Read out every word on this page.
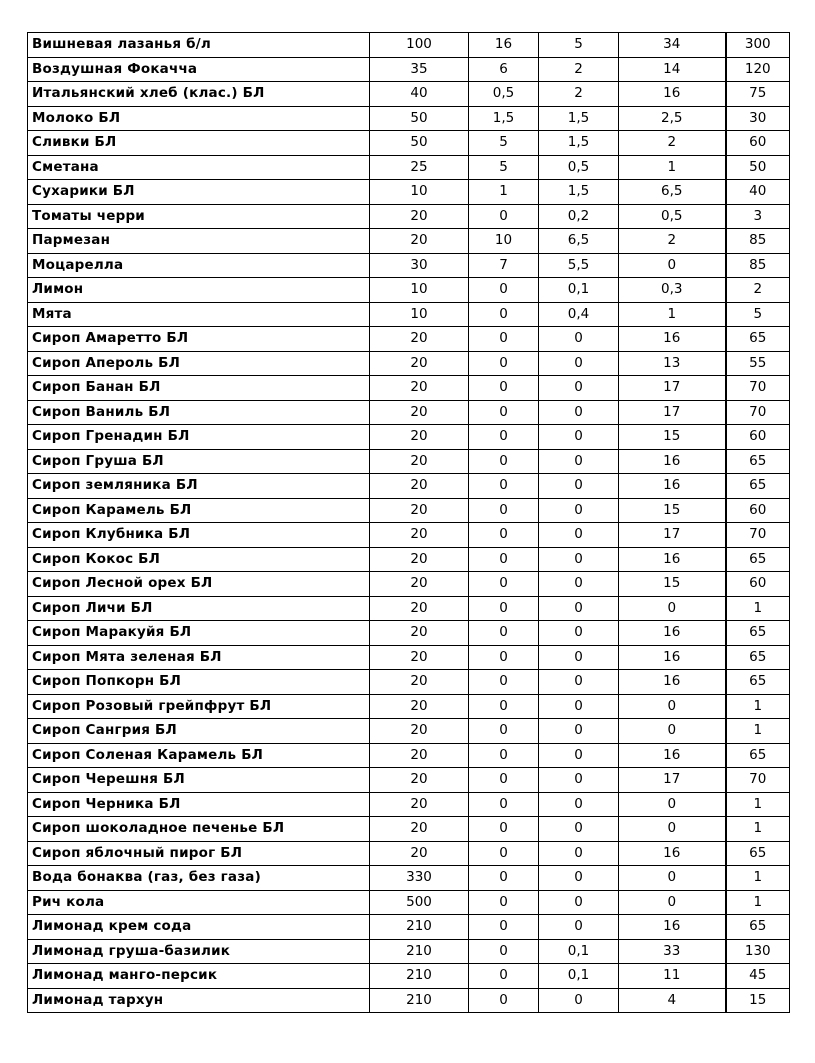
Вишневая лазанья б/л	100	16	5	34	300
Воздушная Фокачча	35	6	2	14	120
Итальянский хлеб (клас.) БЛ	40	0,5	2	16	75
Молоко БЛ	50	1,5	1,5	2,5	30
Сливки БЛ	50	5	1,5	2	60
Сметана	25	5	0,5	1	50
Сухарики БЛ	10	1	1,5	6,5	40
Томаты черри	20	0	0,2	0,5	3
Пармезан	20	10	6,5	2	85
Моцарелла	30	7	5,5	0	85
Лимон	10	0	0,1	0,3	2
Мята	10	0	0,4	1	5
Сироп Амаретто БЛ	20	0	0	16	65
Сироп Апероль БЛ	20	0	0	13	55
Сироп Банан БЛ	20	0	0	17	70
Сироп Ваниль БЛ	20	0	0	17	70
Сироп Гренадин БЛ	20	0	0	15	60
Сироп Груша БЛ	20	0	0	16	65
Сироп земляника БЛ	20	0	0	16	65
Сироп Карамель БЛ	20	0	0	15	60
Сироп Клубника БЛ	20	0	0	17	70
Сироп Кокос БЛ	20	0	0	16	65
Сироп Лесной орех БЛ	20	0	0	15	60
Сироп Личи БЛ	20	0	0	0	1
Сироп Маракуйя БЛ	20	0	0	16	65
Сироп Мята зеленая БЛ	20	0	0	16	65
Сироп Попкорн БЛ	20	0	0	16	65
Сироп Розовый грейпфрут БЛ	20	0	0	0	1
Сироп Сангрия БЛ	20	0	0	0	1
Сироп Соленая Карамель БЛ	20	0	0	16	65
Сироп Черешня БЛ	20	0	0	17	70
Сироп Черника БЛ	20	0	0	0	1
Сироп шоколадное печенье БЛ	20	0	0	0	1
Сироп яблочный пирог БЛ	20	0	0	16	65
Вода бонаква (газ, без газа)	330	0	0	0	1
Рич кола	500	0	0	0	1
Лимонад крем сода	210	0	0	16	65
Лимонад груша-базилик	210	0	0,1	33	130
Лимонад манго-персик	210	0	0,1	11	45
Лимонад тархун	210	0	0	4	15
